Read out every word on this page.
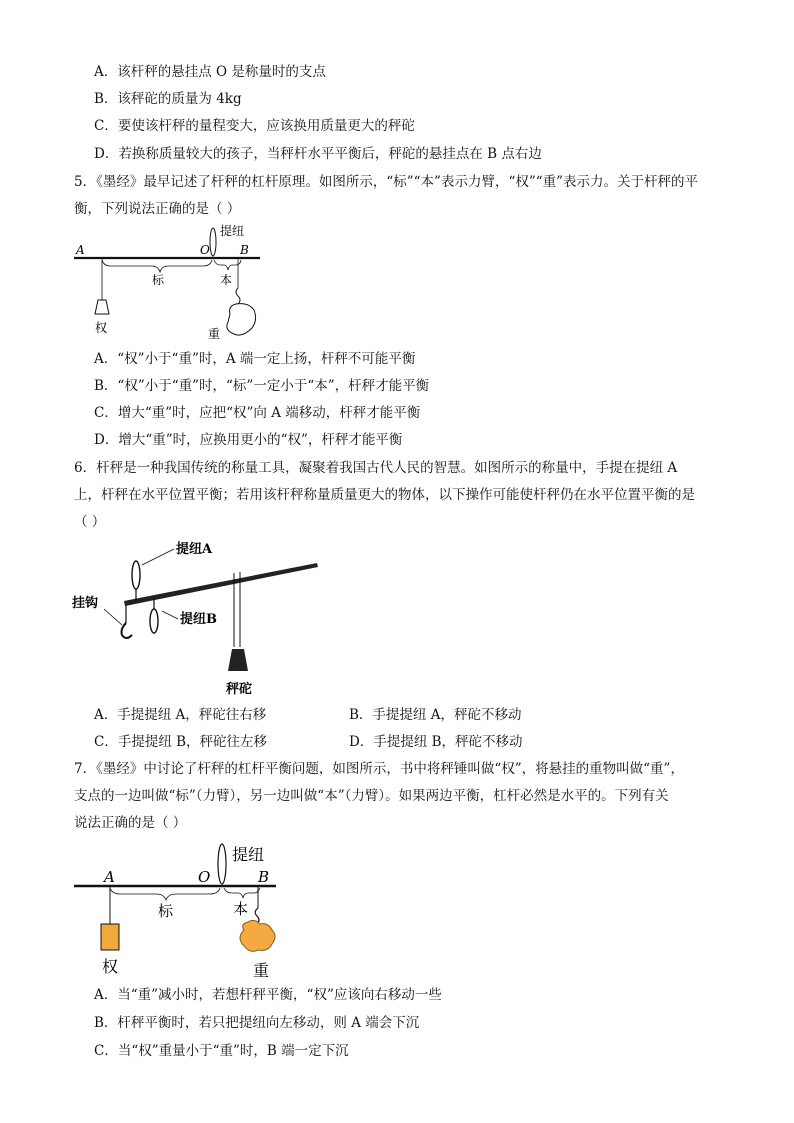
A．该杆秤的悬挂点 O 是称量时的支点
B．该秤砣的质量为 4kg
C．要使该杆秤的量程变大，应该换用质量更大的秤砣
D．若换称质量较大的孩子，当秤杆水平平衡后，秤砣的悬挂点在 B 点右边
5．《墨经》最早记述了杆秤的杠杆原理。如图所示，“标”“本”表示力臂，“权”“重”表示力。关于杆秤的平
衡，下列说法正确的是（ ）
A	O	B
提纽
标	本
权	重
A．“权”小于“重”时，A 端一定上扬，杆秤不可能平衡
B．“权”小于“重”时，“标”一定小于“本”，杆秤才能平衡
C．增大“重”时，应把“权”向 A 端移动，杆秤才能平衡
D．增大“重”时，应换用更小的“权”，杆秤才能平衡
6．杆秤是一种我国传统的称量工具，凝聚着我国古代人民的智慧。如图所示的称量中，手提在提纽 A
上，杆秤在水平位置平衡；若用该杆秤称量质量更大的物体，以下操作可能使杆秤仍在水平位置平衡的是
（ ）
提纽A
挂钩
提纽B
秤砣
A．手提提纽 A，秤砣往右移	B．手提提纽 A，秤砣不移动
C．手提提纽 B，秤砣往左移	D．手提提纽 B，秤砣不移动
7．《墨经》中讨论了杆秤的杠杆平衡问题，如图所示，书中将秤锤叫做“权”，将悬挂的重物叫做“重”，
支点的一边叫做“标”（力臂），另一边叫做“本”（力臂）。如果两边平衡，杠杆必然是水平的。下列有关
说法正确的是（ ）
A	O	B
提纽
标	本
权	重
A．当“重”减小时，若想杆秤平衡，“权”应该向右移动一些
B．杆秤平衡时，若只把提纽向左移动，则 A 端会下沉
C．当“权”重量小于“重”时，B 端一定下沉
